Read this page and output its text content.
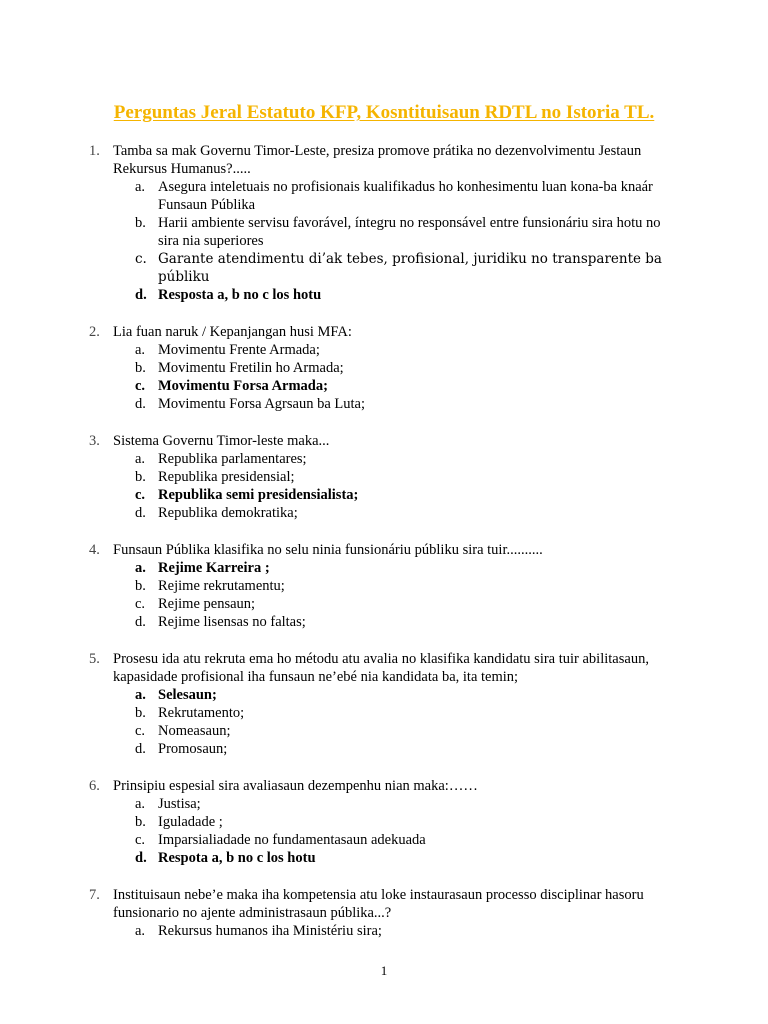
Perguntas Jeral Estatuto KFP, Kosntituisaun RDTL no Istoria TL.
1. Tamba sa mak Governu Timor-Leste, presiza promove prátika no dezenvolvimentu Jestaun Rekursus Humanus?.....
a. Asegura inteletuais no profisionais kualifikadus ho konhesimentu luan kona-ba knaár Funsaun Públika
b. Harii ambiente servisu favorável, íntegru no responsável entre funsionáriu sira hotu no sira nia superiores
c. Garante atendimentu di’ak tebes, profisional, juridiku no transparente ba públiku
d. Resposta a, b no c los hotu
2. Lia fuan naruk / Kepanjangan husi MFA:
a. Movimentu Frente Armada;
b. Movimentu Fretilin ho Armada;
c. Movimentu Forsa Armada;
d. Movimentu Forsa Agrsaun ba Luta;
3. Sistema Governu Timor-leste maka...
a. Republika parlamentares;
b. Republika presidensial;
c. Republika semi presidensialista;
d. Republika demokratika;
4. Funsaun Públika klasifika no selu ninia funsionáriu públiku sira tuir..........
a. Rejime Karreira ;
b. Rejime rekrutamentu;
c. Rejime pensaun;
d. Rejime lisensas no faltas;
5. Prosesu ida atu rekruta ema ho métodu atu avalia no klasifika kandidatu sira tuir abilitasaun, kapasidade profisional iha funsaun ne’ebé nia kandidata ba, ita temin;
a. Selesaun;
b. Rekrutamento;
c. Nomeasaun;
d. Promosaun;
6. Prinsipiu espesial sira avaliasaun dezempenhu nian maka:……
a. Justisa;
b. Iguladade ;
c. Imparsialiadade no fundamentasaun adekuada
d. Respota a, b no c los hotu
7. Instituisaun nebe’e maka iha kompetensia atu loke instaurasaun processo disciplinar hasoru funsionario no ajente administrasaun públika...?
a. Rekursus humanos iha Ministériu sira;
1
